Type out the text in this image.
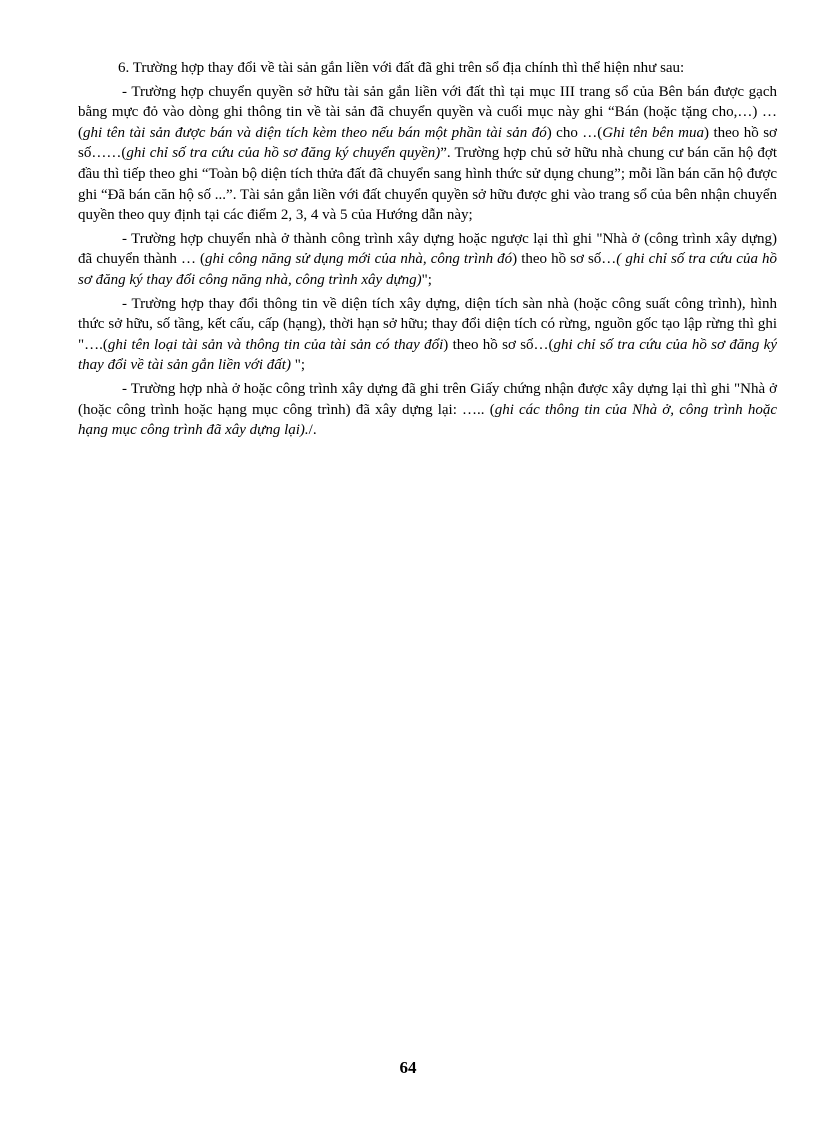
6. Trường hợp thay đổi về tài sản gắn liền với đất đã ghi trên sổ địa chính thì thể hiện như sau:

- Trường hợp chuyển quyền sở hữu tài sản gắn liền với đất thì tại mục III trang sổ của Bên bán được gạch bằng mực đỏ vào dòng ghi thông tin về tài sản đã chuyển quyền và cuối mục này ghi “Bán (hoặc tặng cho,…) … (ghi tên tài sản được bán và diện tích kèm theo nếu bán một phần tài sản đó) cho …(Ghi tên bên mua) theo hồ sơ số……(ghi chỉ số tra cứu của hồ sơ đăng ký chuyển quyền)”. Trường hợp chủ sở hữu nhà chung cư bán căn hộ đợt đầu thì tiếp theo ghi “Toàn bộ diện tích thửa đất đã chuyển sang hình thức sử dụng chung”; mỗi lần bán căn hộ được ghi “Đã bán căn hộ số ...”. Tài sản gắn liền với đất chuyển quyền sở hữu được ghi vào trang sổ của bên nhận chuyển quyền theo quy định tại các điểm 2, 3, 4 và 5 của Hướng dẫn này;

- Trường hợp chuyển nhà ở thành công trình xây dựng hoặc ngược lại thì ghi "Nhà ở (công trình xây dựng) đã chuyển thành … (ghi công năng sử dụng mới của nhà, công trình đó) theo hồ sơ số…( ghi chỉ số tra cứu của hồ sơ đăng ký thay đổi công năng nhà, công trình xây dựng)";

- Trường hợp thay đổi thông tin về diện tích xây dựng, diện tích sàn nhà (hoặc công suất công trình), hình thức sở hữu, số tầng, kết cấu, cấp (hạng), thời hạn sở hữu; thay đổi diện tích có rừng, nguồn gốc tạo lập rừng thì ghi "….(ghi tên loại tài sản và thông tin của tài sản có thay đổi) theo hồ sơ số…(ghi chỉ số tra cứu của hồ sơ đăng ký thay đổi về tài sản gắn liền với đất) ";

- Trường hợp nhà ở hoặc công trình xây dựng đã ghi trên Giấy chứng nhận được xây dựng lại thì ghi "Nhà ở (hoặc công trình hoặc hạng mục công trình) đã xây dựng lại: ….. (ghi các thông tin của Nhà ở, công trình hoặc hạng mục công trình đã xây dựng lại)./.

64
